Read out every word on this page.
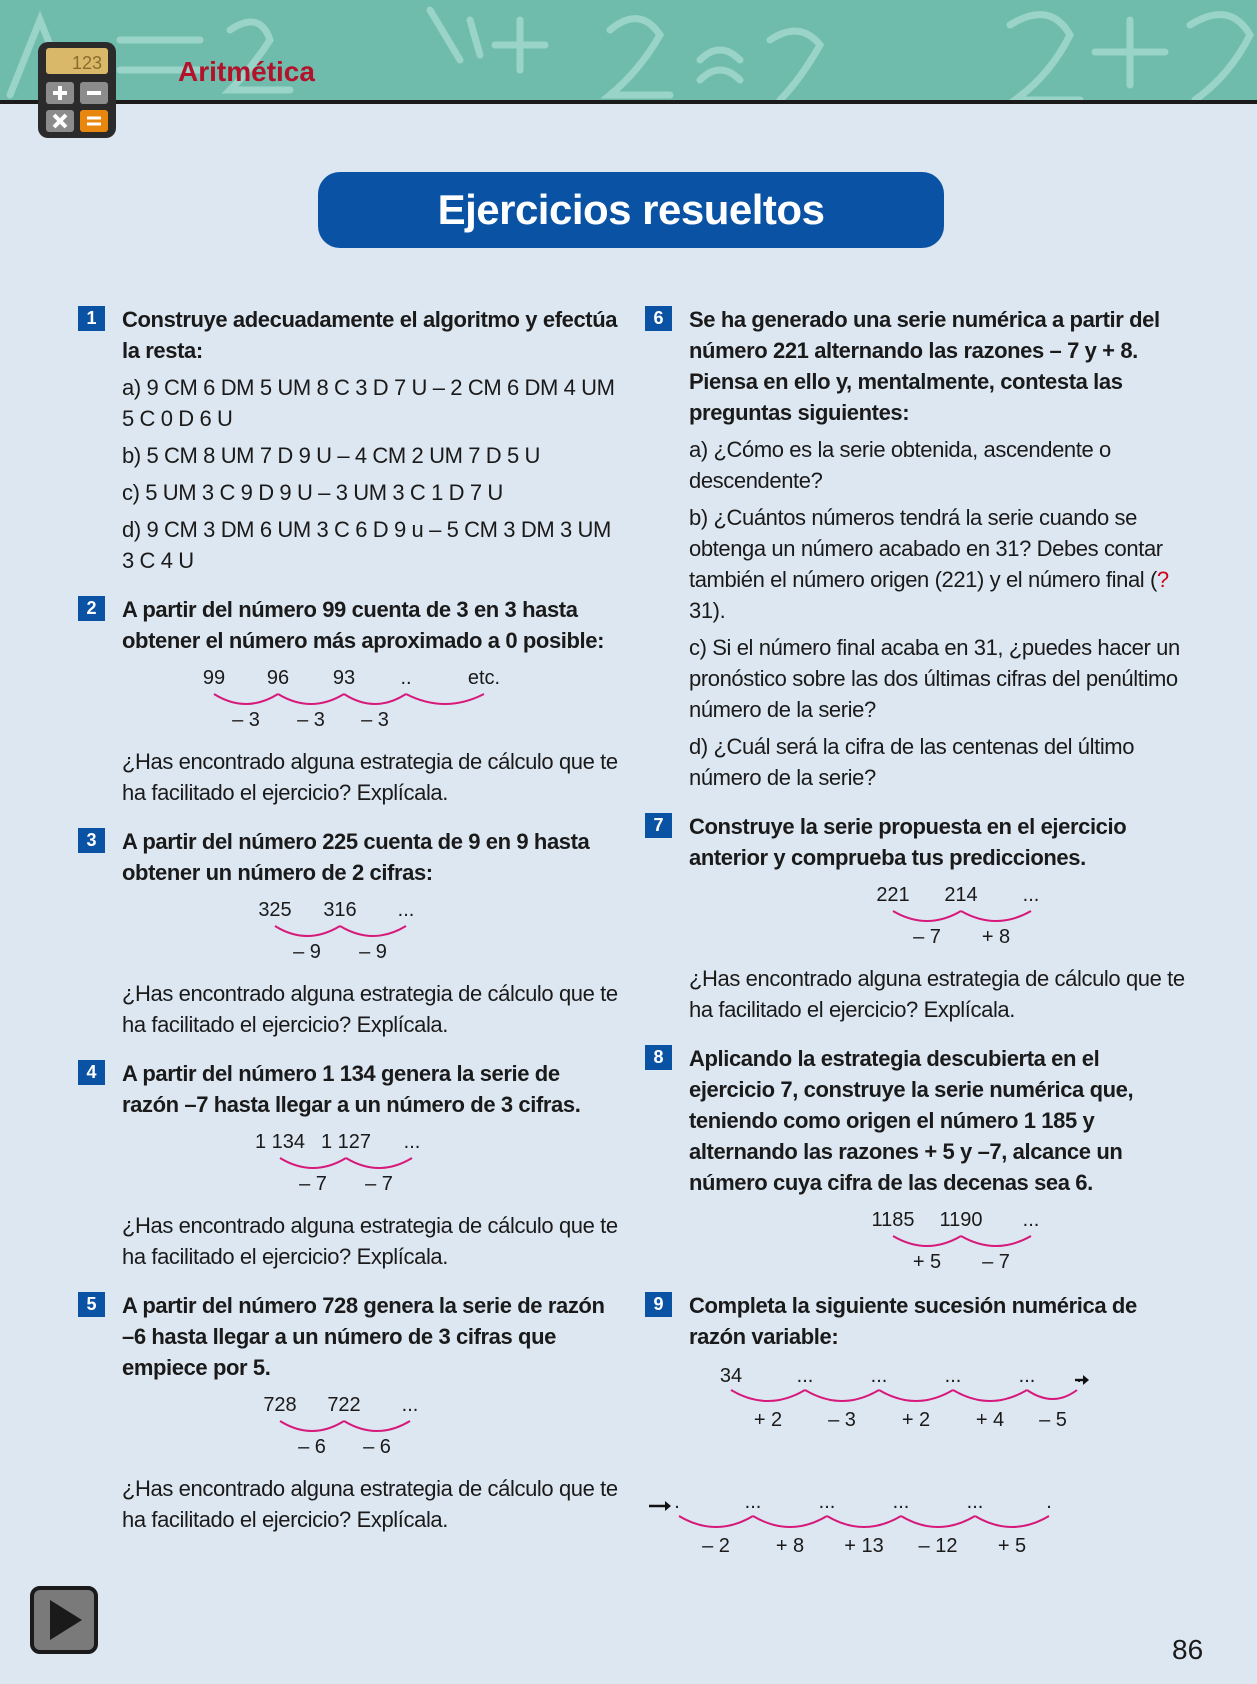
123	Aritmética
Ejercicios resueltos
1	Construye adecuadamente el algoritmo y efectúa la resta:

a) 9 CM 6 DM 5 UM 8 C 3 D 7 U – 2 CM 6 DM 4 UM 5 C 0 D 6 U

b) 5 CM 8 UM 7 D 9 U – 4 CM 2 UM 7 D 5 U

c) 5 UM 3 C 9 D 9 U – 3 UM 3 C 1 D 7 U

d) 9 CM 3 DM 6 UM 3 C 6 D 9 u – 5 CM 3 DM 3 UM 3 C 4 U

2	A partir del número 99 cuenta de 3 en 3 hasta obtener el número más aproximado a 0 posible:

99 96 93 ..	etc.
– 3 – 3 – 3

¿Has encontrado alguna estrategia de cálculo que te ha facilitado el ejercicio? Explícala.

3	A partir del número 225 cuenta de 9 en 9 hasta obtener un número de 2 cifras:

325 316 ...
– 9 – 9

¿Has encontrado alguna estrategia de cálculo que te ha facilitado el ejercicio? Explícala.

4	A partir del número 1 134 genera la serie de razón –7 hasta llegar a un número de 3 cifras.

1 134 1 127 ...
– 7 – 7

¿Has encontrado alguna estrategia de cálculo que te ha facilitado el ejercicio? Explícala.

5	A partir del número 728 genera la serie de razón –6 hasta llegar a un número de 3 cifras que empiece por 5.

728 722 ...
– 6 – 6

¿Has encontrado alguna estrategia de cálculo que te ha facilitado el ejercicio? Explícala.

6	Se ha generado una serie numérica a partir del número 221 alternando las razones – 7 y + 8. Piensa en ello y, mentalmente, contesta las preguntas siguientes:

a) ¿Cómo es la serie obtenida, ascendente o descendente?

b) ¿Cuántos números tendrá la serie cuando se obtenga un número acabado en 31? Debes contar también el número origen (221) y el número final (?31).

c) Si el número final acaba en 31, ¿puedes hacer un pronóstico sobre las dos últimas cifras del penúltimo número de la serie?

d) ¿Cuál será la cifra de las centenas del último número de la serie?

7	Construye la serie propuesta en el ejercicio anterior y comprueba tus predicciones.

221 214 ...
– 7 + 8

¿Has encontrado alguna estrategia de cálculo que te ha facilitado el ejercicio? Explícala.

8	Aplicando la estrategia descubierta en el ejercicio 7, construye la serie numérica que, teniendo como origen el número 1 185 y alternando las razones + 5 y –7, alcance un número cuya cifra de las decenas sea 6.

1185 1190 ...
+ 5 – 7
9	Completa la siguiente sucesión numérica de razón variable:

34	...	...	...	... .
+ 2 – 3 + 2 + 4 – 5
.	...	...	...	...	.
– 2 + 8 + 13 – 12 + 5
86
